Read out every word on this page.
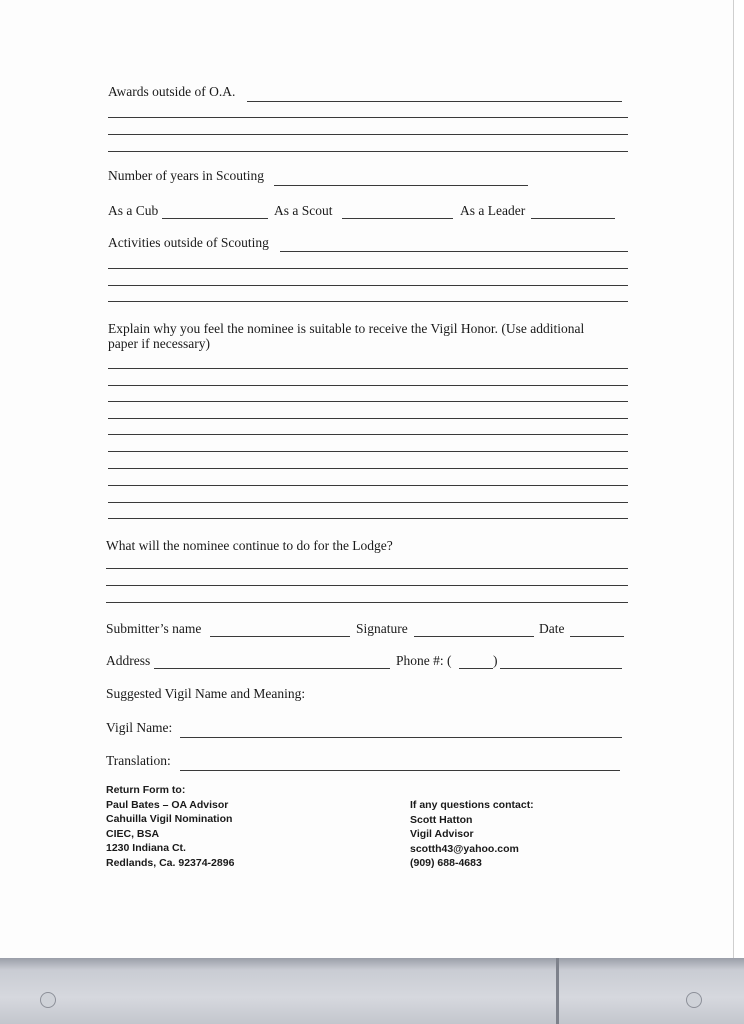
Awards outside of O.A.
Number of years in Scouting
As a Cub	As a Scout	As a Leader
Activities outside of Scouting
Explain why you feel the nominee is suitable to receive the Vigil Honor. (Use additional
paper if necessary)
What will the nominee continue to do for the Lodge?
Submitter’s name	Signature	Date
Address	Phone #: (	)
Suggested Vigil Name and Meaning:
Vigil Name:
Translation:
Return Form to:
Paul Bates – OA Advisor
Cahuilla Vigil Nomination
CIEC, BSA
1230 Indiana Ct.
Redlands, Ca. 92374-2896
If any questions contact:
Scott Hatton
Vigil Advisor
scotth43@yahoo.com
(909) 688-4683
